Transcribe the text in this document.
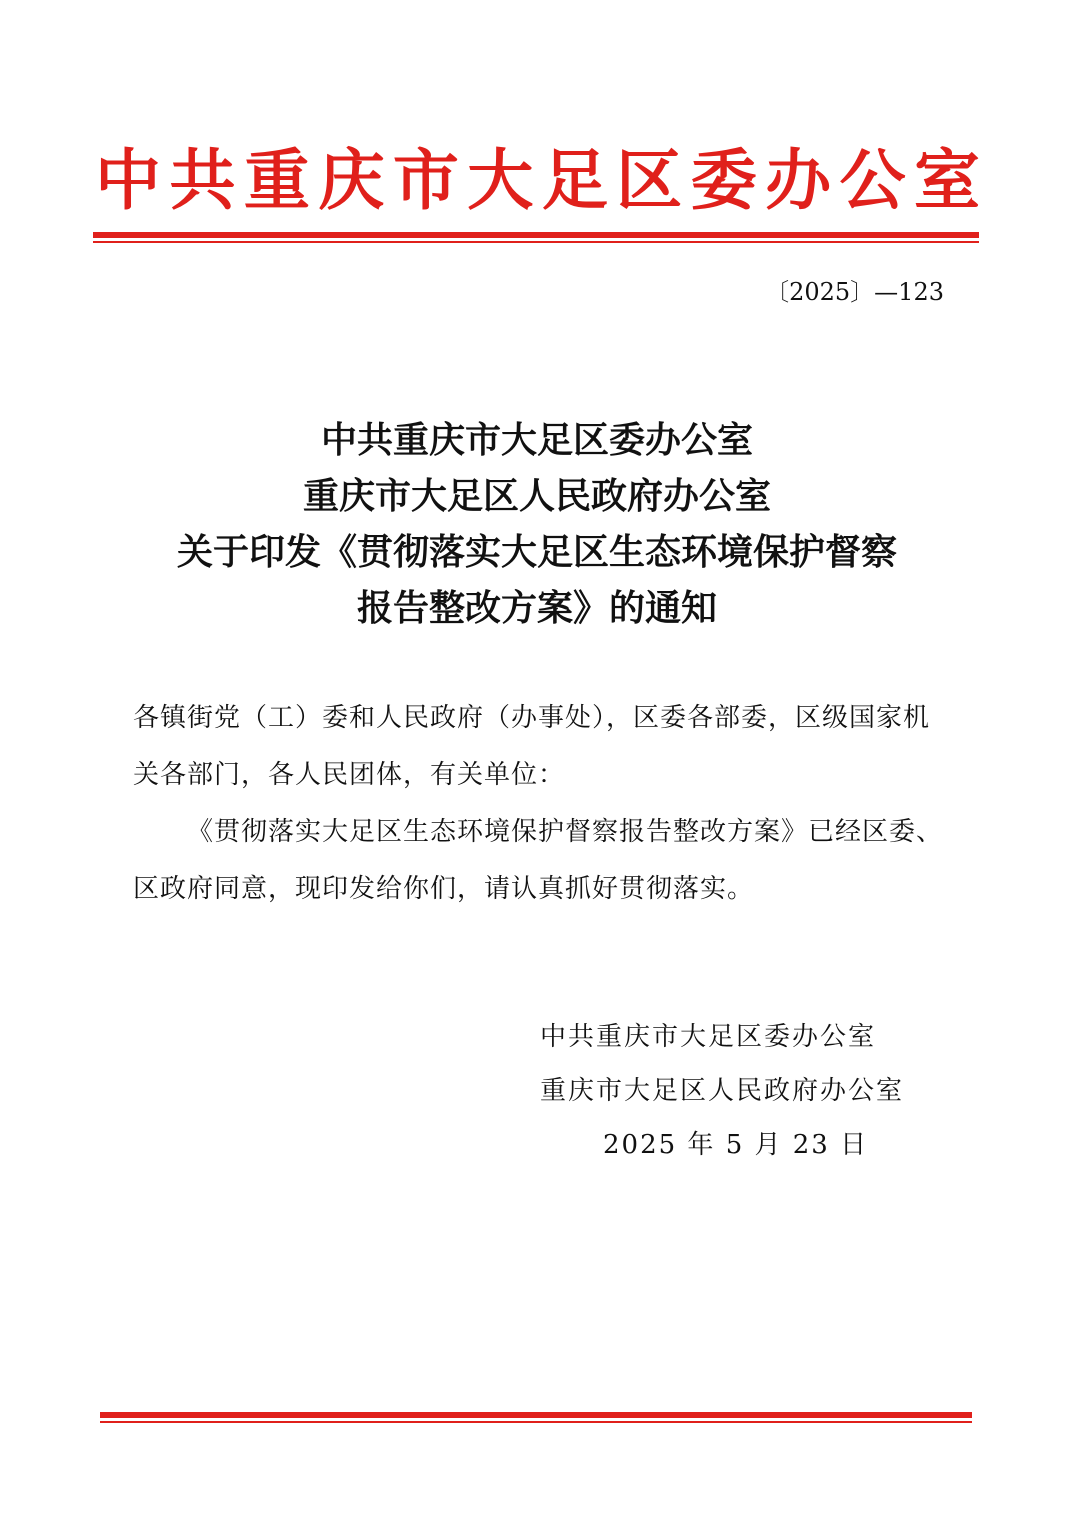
中 共 重 庆 市 大 足 区 委 办 公 室
〔2025〕—123
中共重庆市大足区委办公室
重庆市大足区人民政府办公室
关于印发《贯彻落实大足区生态环境保护督察
报告整改方案》的通知

各镇街党（工）委和人民政府（办事处），区委各部委，区级国家机关各部门，各人民团体，有关单位：

《贯彻落实大足区生态环境保护督察报告整改方案》已经区委、区政府同意，现印发给你们，请认真抓好贯彻落实。

中共重庆市大足区委办公室
重庆市大足区人民政府办公室
2025 年 5 月 23 日
